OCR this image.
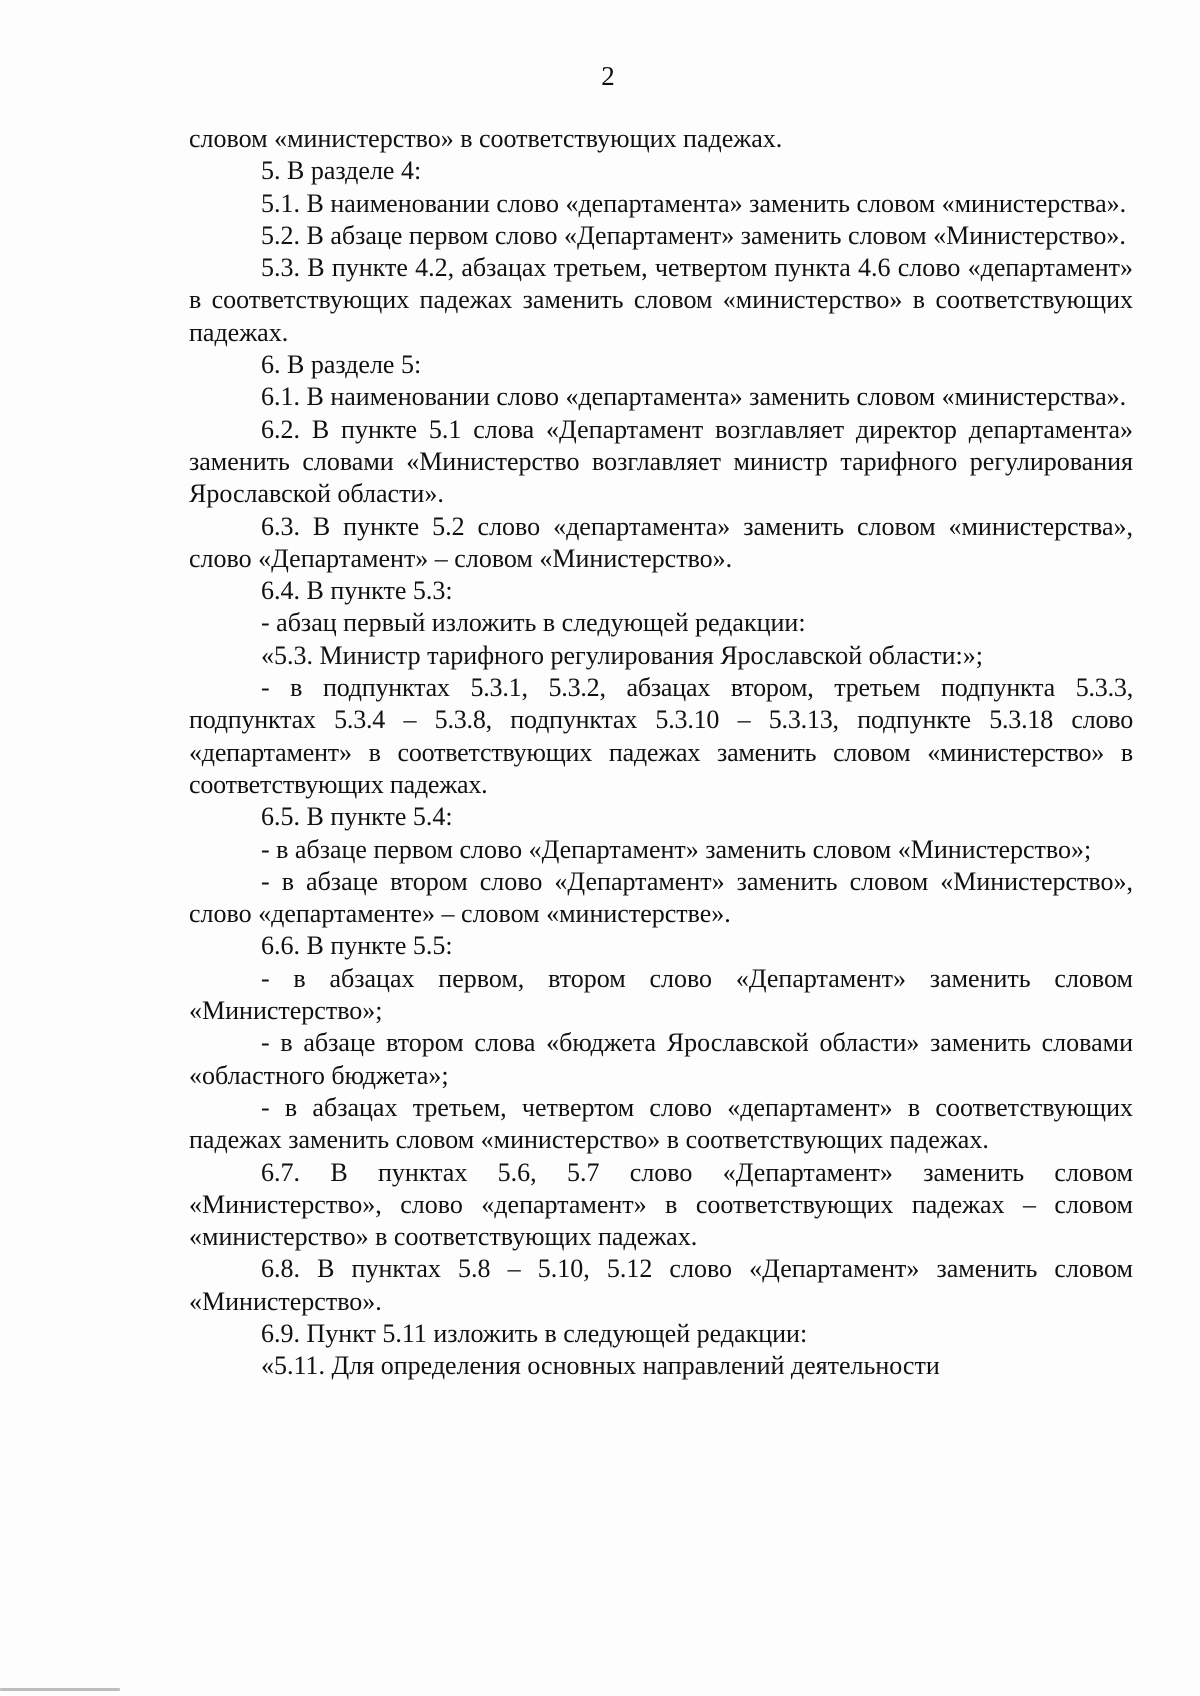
2

словом «министерство» в соответствующих падежах.

5. В разделе 4:

5.1. В наименовании слово «департамента» заменить словом «министерства».

5.2. В абзаце первом слово «Департамент» заменить словом «Министерство».

5.3. В пункте 4.2, абзацах третьем, четвертом пункта 4.6 слово «департамент» в соответствующих падежах заменить словом «министерство» в соответствующих падежах.

6. В разделе 5:

6.1. В наименовании слово «департамента» заменить словом «министерства».

6.2. В пункте 5.1 слова «Департамент возглавляет директор департамента» заменить словами «Министерство возглавляет министр тарифного регулирования Ярославской области».

6.3. В пункте 5.2 слово «департамента» заменить словом «министерства», слово «Департамент» – словом «Министерство».

6.4. В пункте 5.3:

- абзац первый изложить в следующей редакции:

«5.3. Министр тарифного регулирования Ярославской области:»;

- в подпунктах 5.3.1, 5.3.2, абзацах втором, третьем подпункта 5.3.3, подпунктах 5.3.4 – 5.3.8, подпунктах 5.3.10 – 5.3.13, подпункте 5.3.18 слово «департамент» в соответствующих падежах заменить словом «министерство» в соответствующих падежах.

6.5. В пункте 5.4:

- в абзаце первом слово «Департамент» заменить словом «Министерство»;

- в абзаце втором слово «Департамент» заменить словом «Министерство», слово «департаменте» – словом «министерстве».

6.6. В пункте 5.5:

- в абзацах первом, втором слово «Департамент» заменить словом «Министерство»;

- в абзаце втором слова «бюджета Ярославской области» заменить словами «областного бюджета»;

- в абзацах третьем, четвертом слово «департамент» в соответствующих падежах заменить словом «министерство» в соответствующих падежах.

6.7. В пунктах 5.6, 5.7 слово «Департамент» заменить словом «Министерство», слово «департамент» в соответствующих падежах – словом «министерство» в соответствующих падежах.

6.8. В пунктах 5.8 – 5.10, 5.12 слово «Департамент» заменить словом «Министерство».

6.9. Пункт 5.11 изложить в следующей редакции:

«5.11. Для определения основных направлений деятельности
